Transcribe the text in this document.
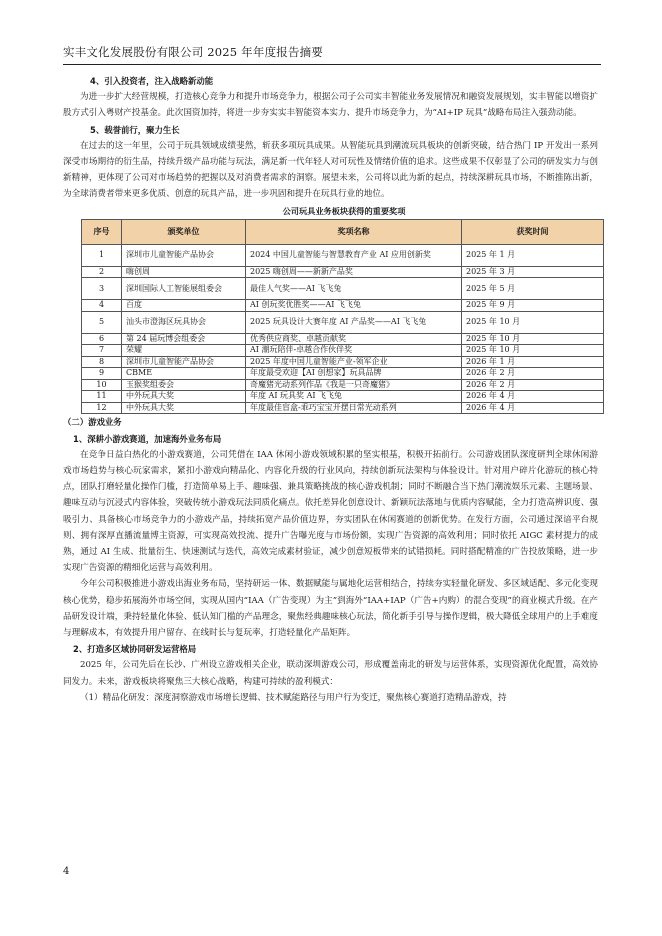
实丰文化发展股份有限公司 2025 年年度报告摘要

4、引入投资者，注入战略新动能

为进一步扩大经营规模，打造核心竞争力和提升市场竞争力，根据公司子公司实丰智能业务发展情况和融资发展规划，实丰智能以增资扩股方式引入粤财产投基金。此次国资加持，将进一步夯实实丰智能资本实力、提升市场竞争力，为“AI+IP 玩具”战略布局注入强劲动能。

5、载誉前行，聚力生长

在过去的这一年里，公司于玩具领域成绩斐然，斩获多项玩具成果。从智能玩具到潮流玩具板块的创新突破，结合热门 IP 开发出一系列深受市场期待的衍生品，持续升级产品功能与玩法，满足新一代年轻人对可玩性及情绪价值的追求。这些成果不仅彰显了公司的研发实力与创新精神，更体现了公司对市场趋势的把握以及对消费者需求的洞察。展望未来，公司将以此为新的起点，持续深耕玩具市场，不断推陈出新，为全球消费者带来更多优质、创意的玩具产品，进一步巩固和提升在玩具行业的地位。

公司玩具业务板块获得的重要奖项

序号	颁奖单位	奖项名称	获奖时间
1	深圳市儿童智能产品协会	2024 中国儿童智能与智慧教育产业 AI 应用创新奖	2025 年 1 月
2	嗨创周	2025 嗨创周——新新产品奖	2025 年 3 月
3	深圳国际人工智能展组委会	最佳人气奖——AI 飞飞兔	2025 年 5 月
4	百度	AI 创玩奖优胜奖——AI 飞飞兔	2025 年 9 月
5	汕头市澄海区玩具协会	2025 玩具设计大赛年度 AI 产品奖——AI 飞飞兔	2025 年 10 月
6	第 24 届玩博会组委会	优秀供应商奖、卓越贡献奖	2025 年 10 月
7	荣耀	AI 潮玩陪伴-卓越合作伙伴奖	2025 年 10 月
8	深圳市儿童智能产品协会	2025 年度中国儿童智能产业-领军企业	2026 年 1 月
9	CBME	年度最受欢迎【AI 创想家】玩具品牌	2026 年 2 月
10	玉猴奖组委会	奇魔猪光动系列作品《我是一只奇魔猪》	2026 年 2 月
11	中外玩具大奖	年度 AI 玩具奖 AI 飞飞兔	2026 年 4 月
12	中外玩具大奖	年度最佳盲盒-乖巧宝宝开摆日常光动系列	2026 年 4 月

（二）游戏业务

1、深耕小游戏赛道，加速海外业务布局

在竞争日益白热化的小游戏赛道，公司凭借在 IAA 休闲小游戏领域积累的坚实根基，积极开拓前行。公司游戏团队深度研判全球休闲游戏市场趋势与核心玩家需求，紧扣小游戏向精品化、内容化升级的行业风向，持续创新玩法架构与体验设计。针对用户碎片化游玩的核心特点，团队打磨轻量化操作门槛，打造简单易上手、趣味强、兼具策略挑战的核心游戏机制；同时不断融合当下热门潮流娱乐元素、主题场景、趣味互动与沉浸式内容体验，突破传统小游戏玩法同质化痛点。依托差异化创意设计、新颖玩法落地与优质内容赋能，全力打造高辨识度、强吸引力、具备核心市场竞争力的小游戏产品，持续拓宽产品价值边界，夯实团队在休闲赛道的创新优势。在发行方面，公司通过深谙平台规则、拥有深厚直播流量博主资源，可实现高效投流、提升广告曝光度与市场份额，实现广告资源的高效利用；同时依托 AIGC 素材提力的成熟，通过 AI 生成、批量衍生、快速测试与迭代，高效完成素材验证，减少创意短板带来的试错损耗。同时搭配精准的广告投放策略，进一步实现广告资源的精细化运营与高效利用。

今年公司积极推进小游戏出海业务布局，坚持研运一体、数据赋能与属地化运营相结合，持续夯实轻量化研发、多区域适配、多元化变现核心优势，稳步拓展海外市场空间，实现从国内“IAA（广告变现）为主”到海外“IAA+IAP（广告+内购）的混合变现”的商业模式升级。在产品研发设计端，秉持轻量化体验、低认知门槛的产品理念，聚焦经典趣味核心玩法，简化新手引导与操作逻辑，极大降低全球用户的上手难度与理解成本，有效提升用户留存、在线时长与复玩率，打造轻量化产品矩阵。

2、打造多区域协同研发运营格局

2025 年，公司先后在长沙、广州设立游戏相关企业，联动深圳游戏公司，形成覆盖南北的研发与运营体系，实现资源优化配置，高效协同发力。未来，游戏板块将聚焦三大核心战略，构建可持续的盈利模式：

（1）精品化研发：深度洞察游戏市场增长逻辑、技术赋能路径与用户行为变迁，聚焦核心赛道打造精品游戏，持

4
